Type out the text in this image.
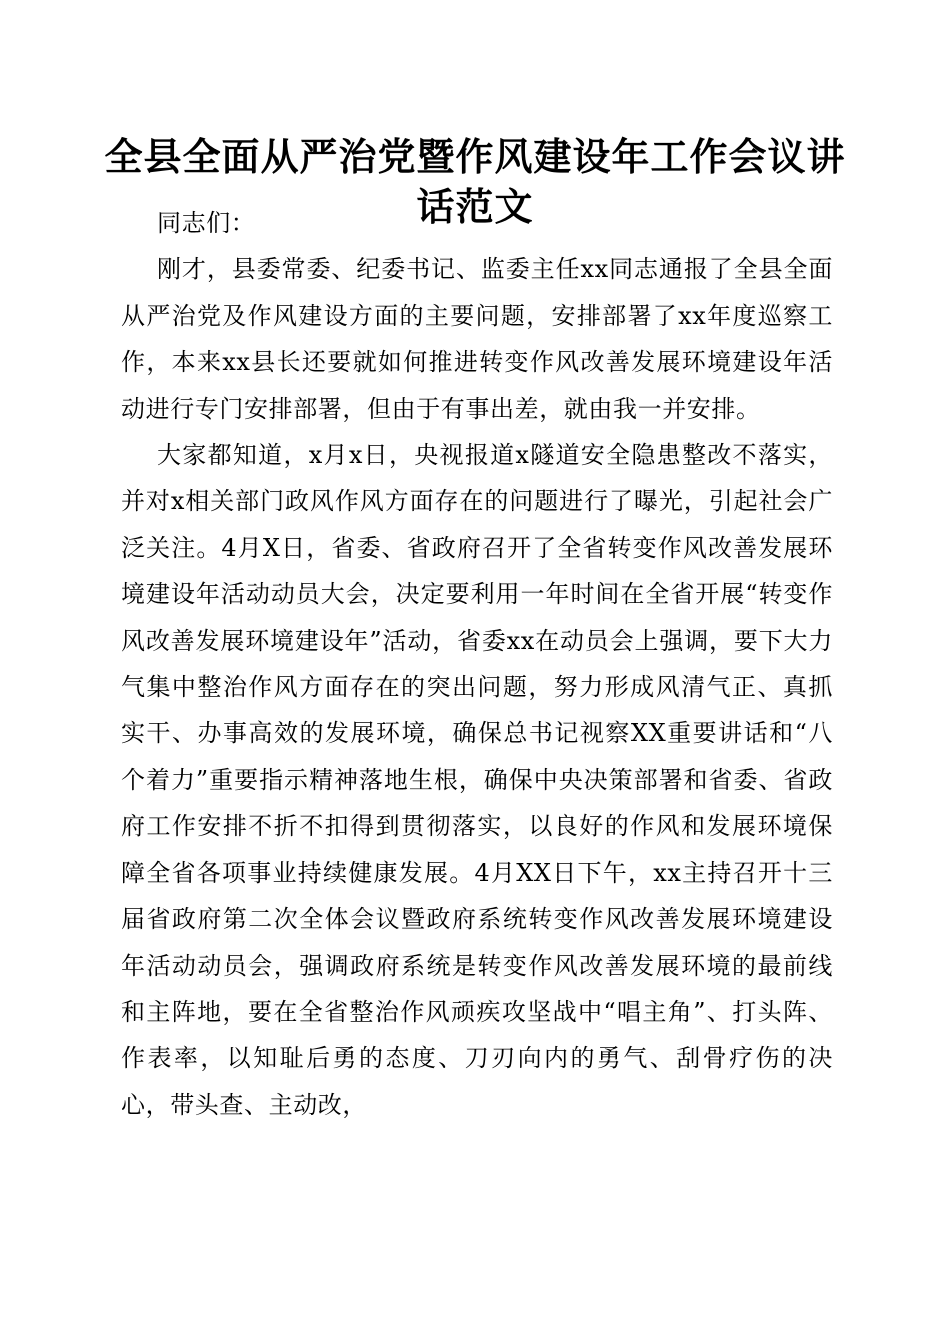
全县全面从严治党暨作风建设年工作会议讲话范文

同志们：

刚才，县委常委、纪委书记、监委主任xx同志通报了全县全面从严治党及作风建设方面的主要问题，安排部署了xx年度巡察工作，本来xx县长还要就如何推进转变作风改善发展环境建设年活动进行专门安排部署，但由于有事出差，就由我一并安排。

大家都知道，x月x日，央视报道x隧道安全隐患整改不落实，并对x相关部门政风作风方面存在的问题进行了曝光，引起社会广泛关注。4月X日，省委、省政府召开了全省转变作风改善发展环境建设年活动动员大会，决定要利用一年时间在全省开展“转变作风改善发展环境建设年”活动，省委xx在动员会上强调，要下大力气集中整治作风方面存在的突出问题，努力形成风清气正、真抓实干、办事高效的发展环境，确保总书记视察XX重要讲话和“八个着力”重要指示精神落地生根，确保中央决策部署和省委、省政府工作安排不折不扣得到贯彻落实，以良好的作风和发展环境保障全省各项事业持续健康发展。4月XX日下午，xx主持召开十三届省政府第二次全体会议暨政府系统转变作风改善发展环境建设年活动动员会，强调政府系统是转变作风改善发展环境的最前线和主阵地，要在全省整治作风顽疾攻坚战中“唱主角”、打头阵、作表率，以知耻后勇的态度、刀刃向内的勇气、刮骨疗伤的决心，带头查、主动改，
